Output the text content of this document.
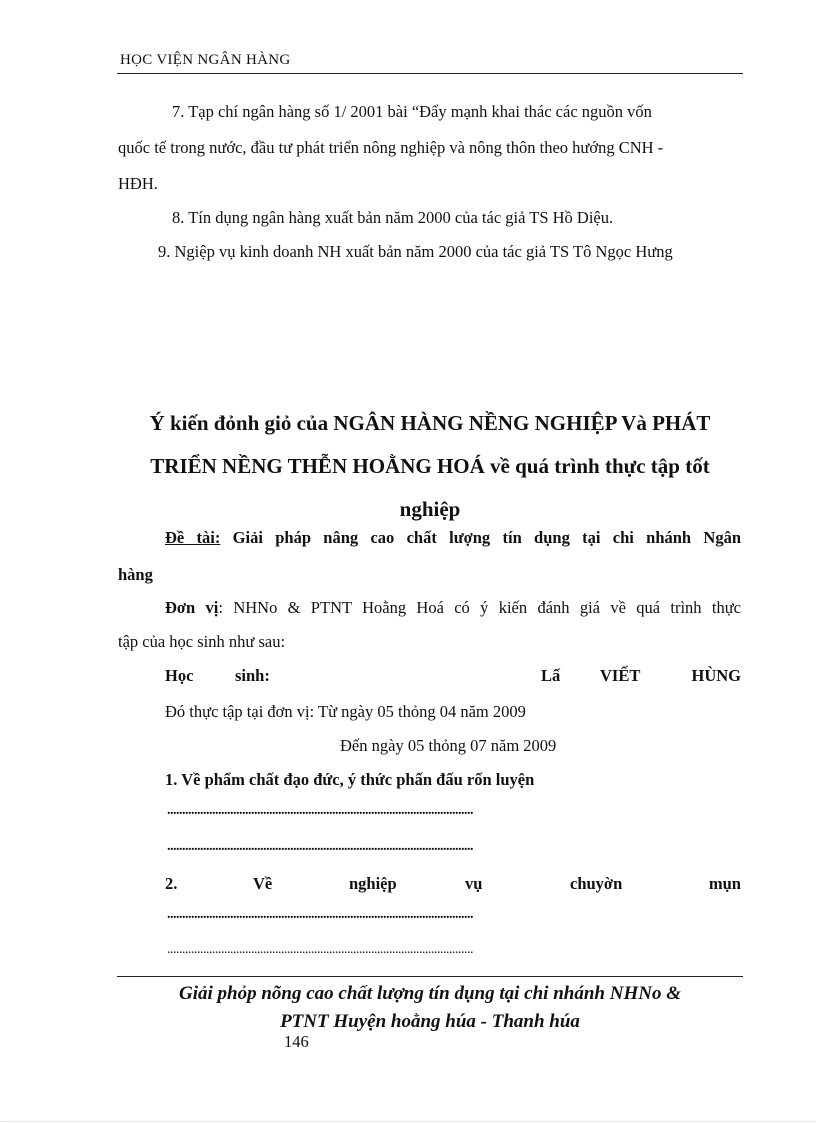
HỌC VIỆN NGÂN HÀNG
7. Tạp chí ngân hàng số 1/ 2001 bài “Đẩy mạnh khai thác các nguồn vốn
quốc tế trong nước, đầu tư phát triển nông nghiệp và nông thôn theo hướng CNH -
HĐH.
8. Tín dụng ngân hàng xuất bản năm 2000 của tác giả TS Hồ Diệu.
9. Ngiệp vụ kinh doanh NH xuất bản năm 2000 của tác giả TS Tô Ngọc Hưng
Ý kiến đỏnh giỏ của NGÂN HÀNG NỀNG NGHIỆP Và PHÁT
TRIỂN NỀNG THỄN HOẰNG HOÁ về quá trình thực tập tốt
nghiệp
Đề tài: Giải pháp nâng cao chất lượng tín dụng tại chi nhánh Ngân
hàng
Đơn vị: NHNo & PTNT Hoằng Hoá có ý kiến đánh giá về quá trình thực
tập của học sinh như sau:
Học	sinh:	Lấ VIẾT	HÙNG
Đó thực tập tại đơn vị: Từ ngày 05 thỏng 04 năm 2009
Đến ngày 05 thỏng 07 năm 2009
1. Về phẩm chất đạo đức, ý thức phấn đấu rốn luyện
......................................................................................................
......................................................................................................
2.	Về	nghiệp	vụ	chuyờn	mụn
......................................................................................................
......................................................................................................
Giải phỏp nõng cao chất lượng tín dụng tại chi nhánh NHNo &
PTNT Huyện hoằng húa - Thanh húa
146
